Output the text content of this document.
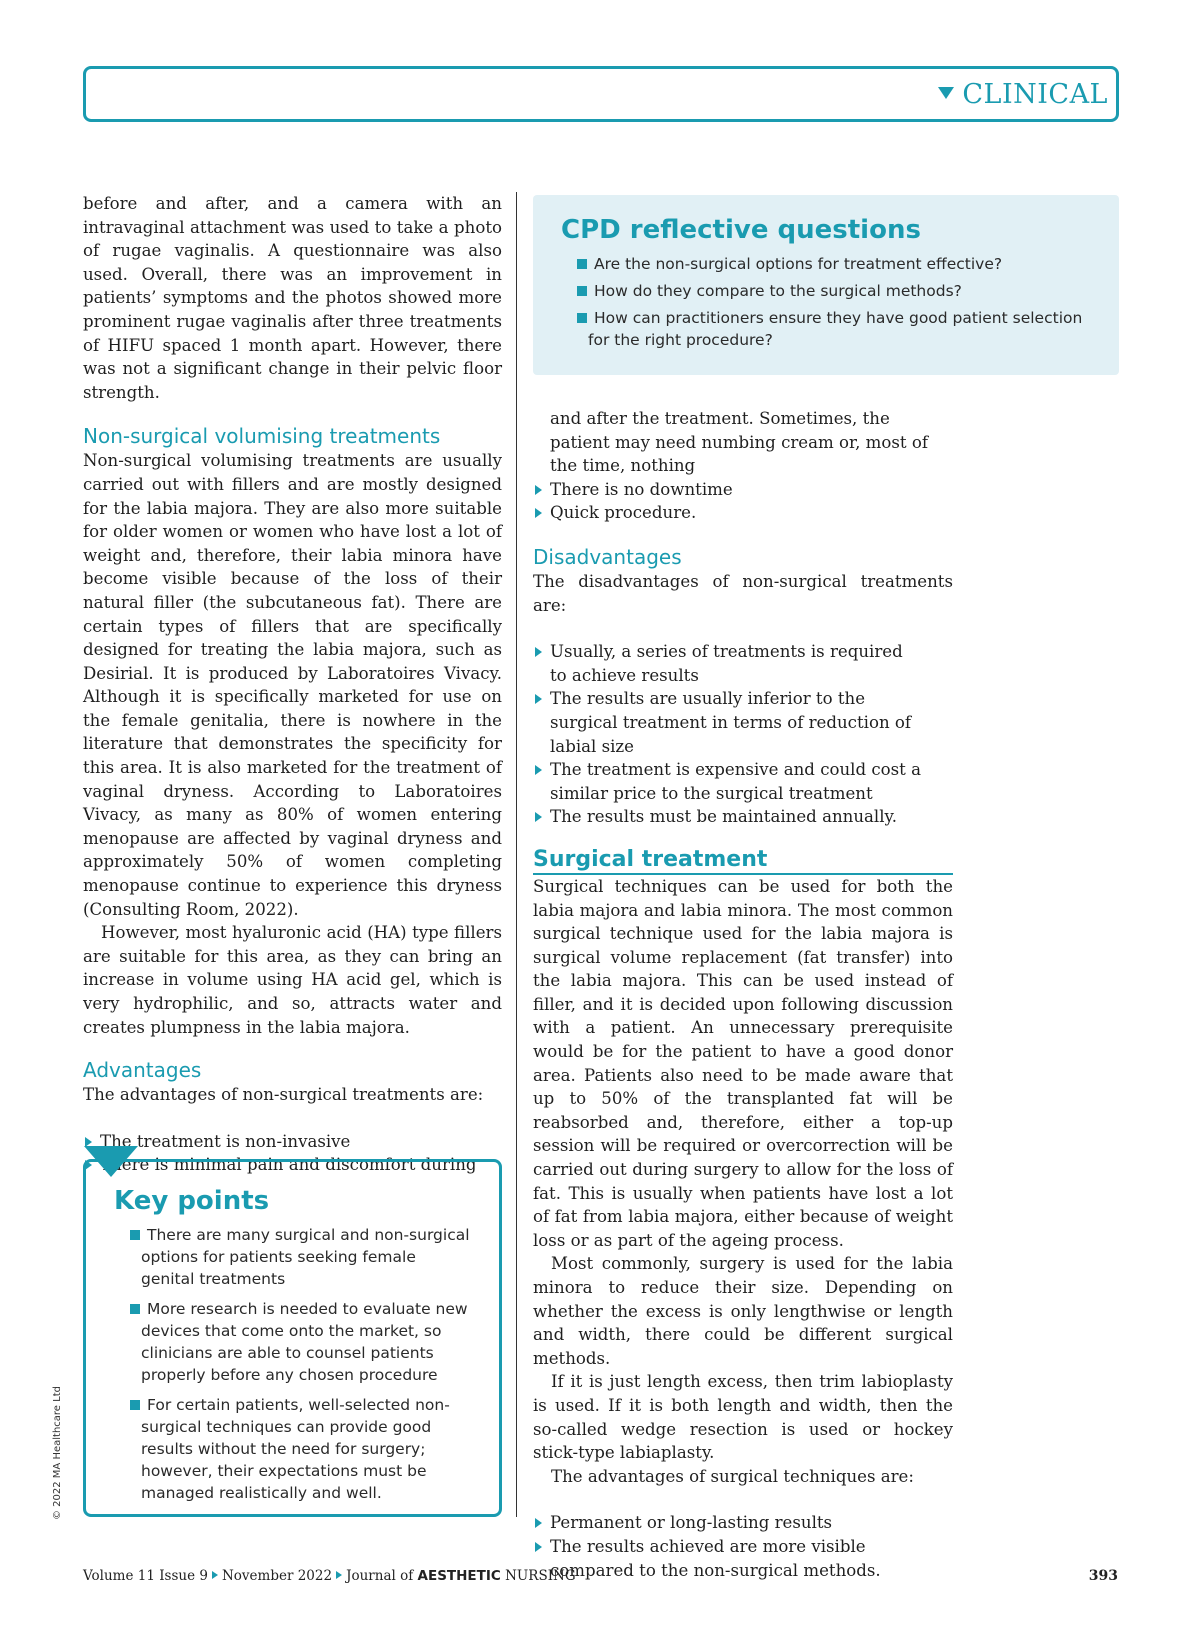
CLINICAL

before and after, and a camera with an intravaginal attachment was used to take a photo of rugae vaginalis. A questionnaire was also used. Overall, there was an improvement in patients’ symptoms and the photos showed more prominent rugae vaginalis after three treatments of HIFU spaced 1 month apart. However, there was not a significant change in their pelvic floor strength.

Non-surgical volumising treatments

Non-surgical volumising treatments are usually carried out with fillers and are mostly designed for the labia majora. They are also more suitable for older women or women who have lost a lot of weight and, therefore, their labia minora have become visible because of the loss of their natural filler (the subcutaneous fat). There are certain types of fillers that are specifically designed for treating the labia majora, such as Desirial. It is produced by Laboratoires Vivacy. Although it is specifically marketed for use on the female genitalia, there is nowhere in the literature that demonstrates the specificity for this area. It is also marketed for the treatment of vaginal dryness. According to Laboratoires Vivacy, as many as 80% of women entering menopause are affected by vaginal dryness and approximately 50% of women completing menopause continue to experience this dryness (Consulting Room, 2022).

However, most hyaluronic acid (HA) type fillers are suitable for this area, as they can bring an increase in volume using HA acid gel, which is very hydrophilic, and so, attracts water and creates plumpness in the labia majora.

Advantages

The advantages of non-surgical treatments are:

The treatment is non-invasive
There is minimal pain and discomfort during
Key points
There are many surgical and non-surgical options for patients seeking female genital treatments
More research is needed to evaluate new devices that come onto the market, so clinicians are able to counsel patients properly before any chosen procedure
For certain patients, well-selected non-surgical techniques can provide good results without the need for surgery; however, their expectations must be managed realistically and well.
CPD reflective questions
Are the non-surgical options for treatment effective?
How do they compare to the surgical methods?
How can practitioners ensure they have good patient selection for the right procedure?

and after the treatment. Sometimes, the patient may need numbing cream or, most of the time, nothing

There is no downtime
Quick procedure.
Disadvantages

The disadvantages of non-surgical treatments are:

Usually, a series of treatments is required to achieve results
The results are usually inferior to the surgical treatment in terms of reduction of labial size
The treatment is expensive and could cost a similar price to the surgical treatment
The results must be maintained annually.
Surgical treatment

Surgical techniques can be used for both the labia majora and labia minora. The most common surgical technique used for the labia majora is surgical volume replacement (fat transfer) into the labia majora. This can be used instead of filler, and it is decided upon following discussion with a patient. An unnecessary prerequisite would be for the patient to have a good donor area. Patients also need to be made aware that up to 50% of the transplanted fat will be reabsorbed and, therefore, either a top-up session will be required or overcorrection will be carried out during surgery to allow for the loss of fat. This is usually when patients have lost a lot of fat from labia majora, either because of weight loss or as part of the ageing process.

Most commonly, surgery is used for the labia minora to reduce their size. Depending on whether the excess is only lengthwise or length and width, there could be different surgical methods.

If it is just length excess, then trim labioplasty is used. If it is both length and width, then the so-called wedge resection is used or hockey stick-type labiaplasty.

The advantages of surgical techniques are:

Permanent or long-lasting results
The results achieved are more visible compared to the non-surgical methods.
© 2022 MA Healthcare Ltd
Volume 11 Issue 9 November 2022 Journal of AESTHETIC NURSING	393
